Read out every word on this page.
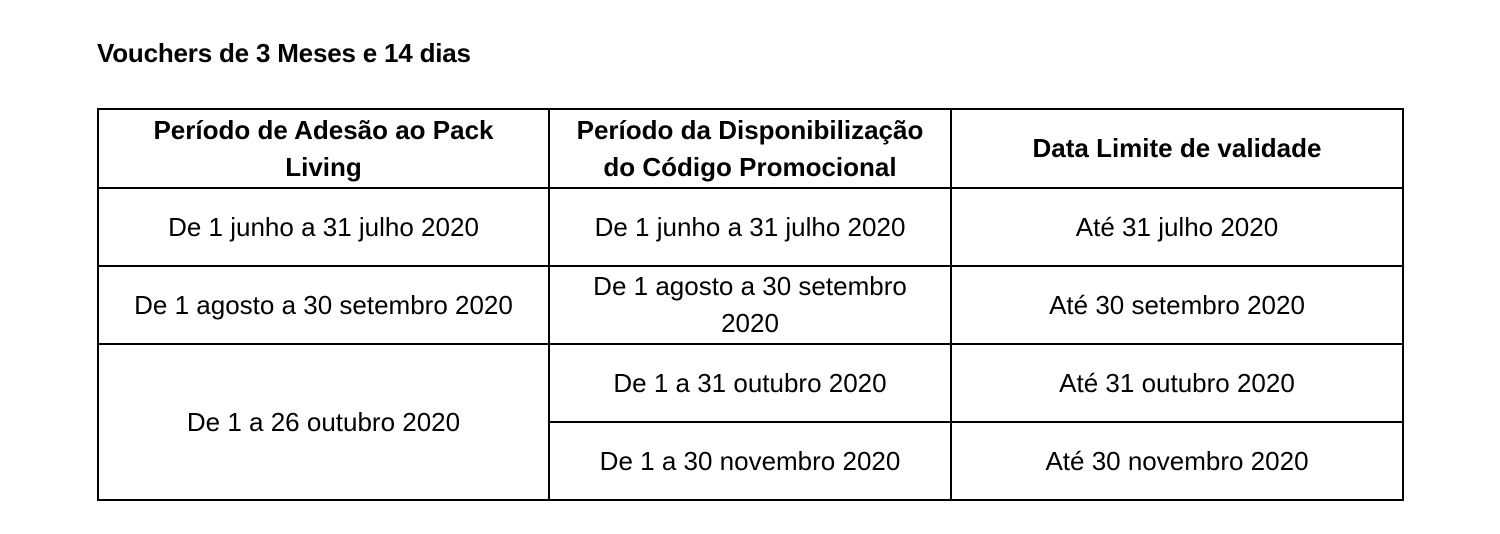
Vouchers de 3 Meses e 14 dias
Período de Adesão ao Pack Living	Período da Disponibilização do Código Promocional	Data Limite de validade
De 1 junho a 31 julho 2020	De 1 junho a 31 julho 2020	Até 31 julho 2020
De 1 agosto a 30 setembro 2020	De 1 agosto a 30 setembro 2020	Até 30 setembro 2020
De 1 a 26 outubro 2020	De 1 a 31 outubro 2020	Até 31 outubro 2020
	De 1 a 30 novembro 2020	Até 30 novembro 2020
